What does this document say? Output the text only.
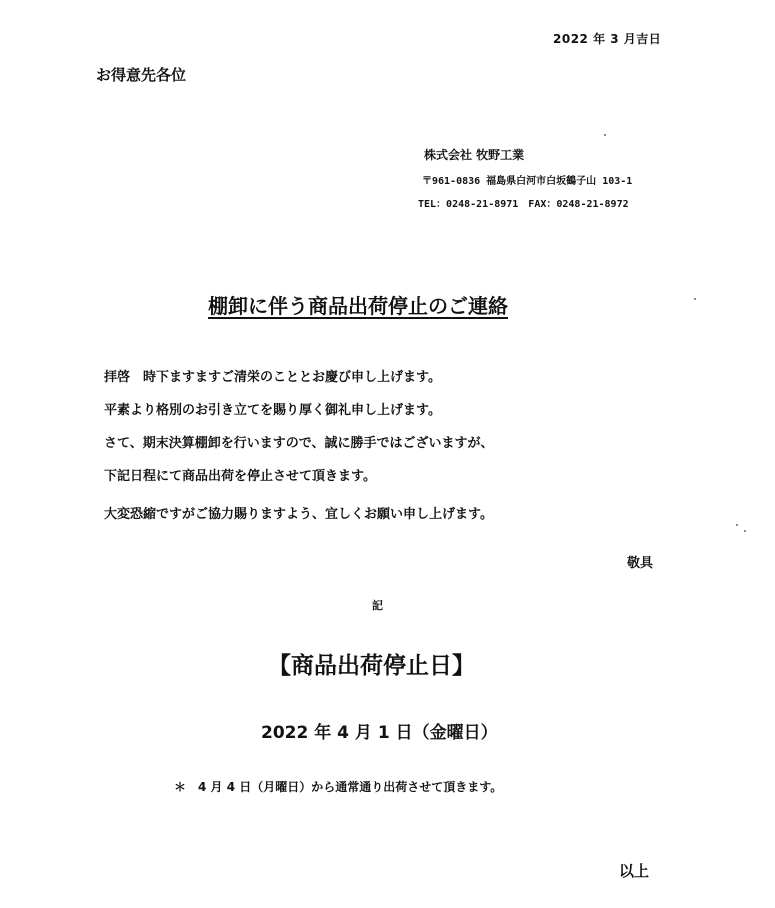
2022 年 3 月吉日
お得意先各位
株式会社 牧野工業
〒961-0836 福島県白河市白坂鶴子山 103-1
TEL：0248-21-8971　FAX：0248-21-8972
棚卸に伴う商品出荷停止のご連絡
拝啓　時下ますますご清栄のこととお慶び申し上げます。
平素より格別のお引き立てを賜り厚く御礼申し上げます。
さて、期末決算棚卸を行いますので、誠に勝手ではございますが、
下記日程にて商品出荷を停止させて頂きます。
大変恐縮ですがご協力賜りますよう、宜しくお願い申し上げます。
敬具
記
【商品出荷停止日】
2022 年 4 月 1 日（金曜日）
＊　4 月 4 日（月曜日）から通常通り出荷させて頂きます。
以上
